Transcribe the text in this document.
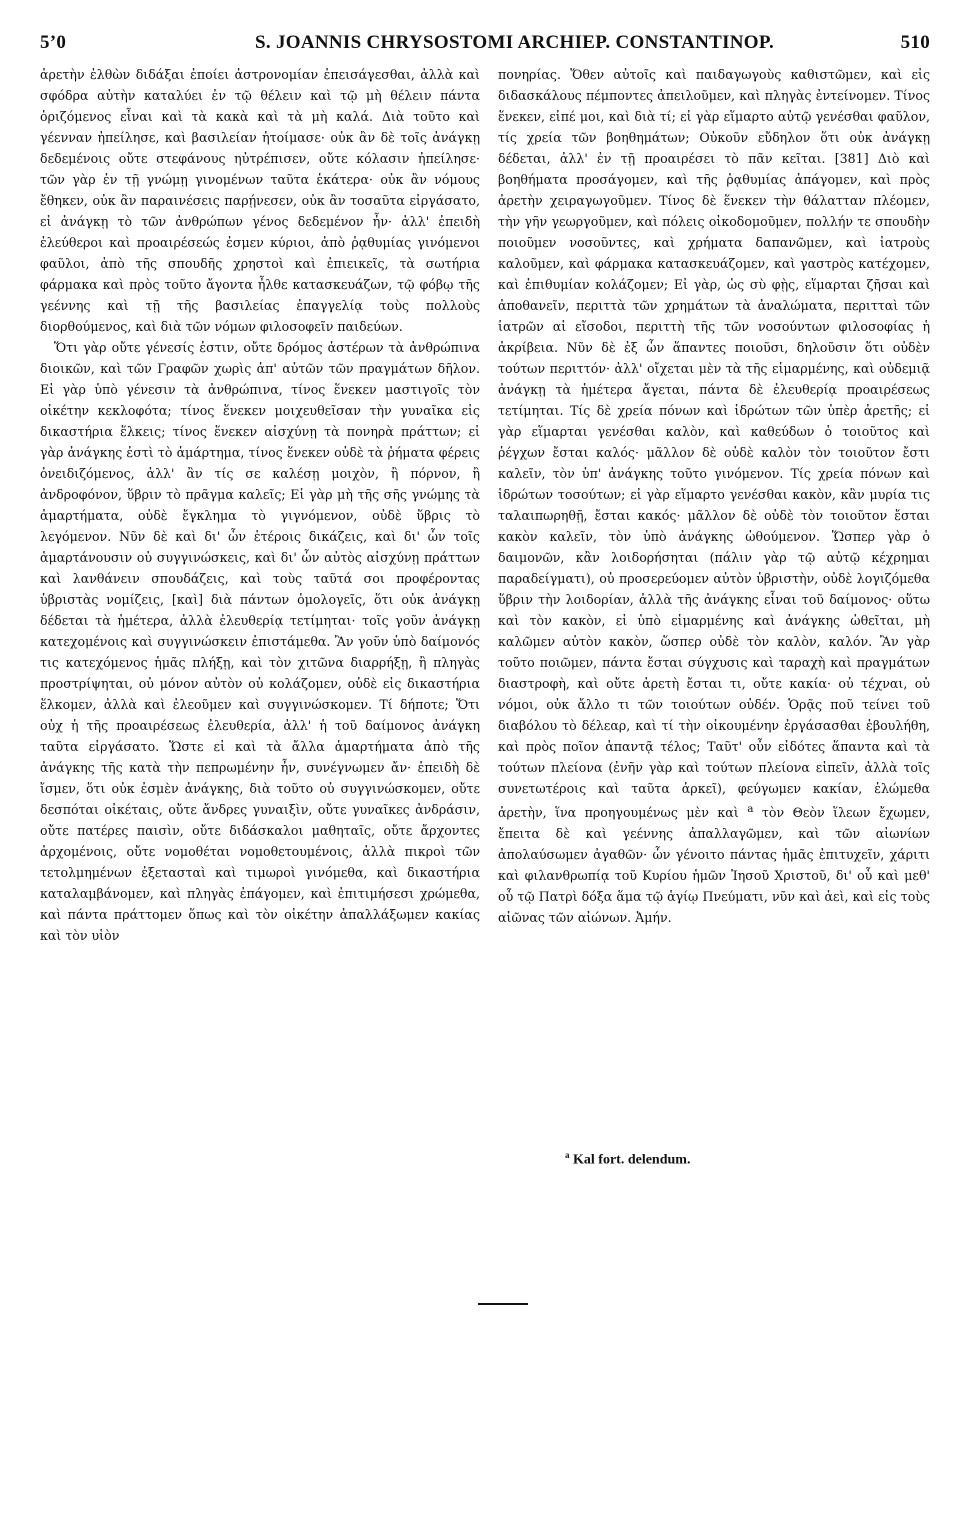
5’0	S. JOANNIS CHRYSOSTOMI ARCHIEP. CONSTANTINOP.	510

ἀρετὴν ἐλθὼν διδάξαι ἐποίει ἀστρονομίαν ἐπεισάγεσθαι, ἀλλὰ καὶ σφόδρα αὐτὴν καταλύει ἐν τῷ θέλειν καὶ τῷ μὴ θέλειν πάντα ὁριζόμενος εἶναι καὶ τὰ κακὰ καὶ τὰ μὴ καλά. Διὰ τοῦτο καὶ γέενναν ἠπείλησε, καὶ βασιλείαν ἡτοίμασε· οὐκ ἂν δὲ τοῖς ἀνάγκῃ δεδεμένοις οὔτε στεφάνους ηὐτρέπισεν, οὔτε κόλασιν ἠπείλησε· τῶν γὰρ ἐν τῇ γνώμῃ γινομένων ταῦτα ἑκάτερα· οὐκ ἂν νόμους ἔθηκεν, οὐκ ἂν παραινέσεις παρῄνεσεν, οὐκ ἂν τοσαῦτα εἰργάσατο, εἰ ἀνάγκῃ τὸ τῶν ἀνθρώπων γένος δεδεμένον ἦν· ἀλλ' ἐπειδὴ ἐλεύθεροι καὶ προαιρέσεώς ἐσμεν κύριοι, ἀπὸ ῥᾳθυμίας γινόμενοι φαῦλοι, ἀπὸ τῆς σπουδῆς χρηστοὶ καὶ ἐπιεικεῖς, τὰ σωτήρια φάρμακα καὶ πρὸς τοῦτο ἄγοντα ἦλθε κατασκευάζων, τῷ φόβῳ τῆς γεέννης καὶ τῇ τῆς βασιλείας ἐπαγγελίᾳ τοὺς πολλοὺς διορθούμενος, καὶ διὰ τῶν νόμων φιλοσοφεῖν παιδεύων.

Ὅτι γὰρ οὔτε γένεσίς ἐστιν, οὔτε δρόμος ἀστέρων τὰ ἀνθρώπινα διοικῶν, καὶ τῶν Γραφῶν χωρὶς ἀπ' αὐτῶν τῶν πραγμάτων δῆλον. Εἰ γὰρ ὑπὸ γένεσιν τὰ ἀνθρώπινα, τίνος ἕνεκεν μαστιγοῖς τὸν οἰκέτην κεκλοφότα; τίνος ἕνεκεν μοιχευθεῖσαν τὴν γυναῖκα εἰς δικαστήρια ἕλκεις; τίνος ἕνεκεν αἰσχύνῃ τὰ πονηρὰ πράττων; εἰ γὰρ ἀνάγκης ἐστὶ τὸ ἁμάρτημα, τίνος ἕνεκεν οὐδὲ τὰ ῥήματα φέρεις ὀνειδιζόμενος, ἀλλ' ἂν τίς σε καλέσῃ μοιχὸν, ἢ πόρνον, ἢ ἀνδροφόνον, ὕβριν τὸ πρᾶγμα καλεῖς; Εἰ γὰρ μὴ τῆς σῆς γνώμης τὰ ἁμαρτήματα, οὐδὲ ἔγκλημα τὸ γιγνόμενον, οὐδὲ ὕβρις τὸ λεγόμενον. Νῦν δὲ καὶ δι' ὧν ἑτέροις δικάζεις, καὶ δι' ὧν τοῖς ἁμαρτάνουσιν οὐ συγγινώσκεις, καὶ δι' ὧν αὐτὸς αἰσχύνῃ πράττων καὶ λανθάνειν σπουδάζεις, καὶ τοὺς ταῦτά σοι προφέροντας ὑβριστὰς νομίζεις, [καὶ] διὰ πάντων ὁμολογεῖς, ὅτι οὐκ ἀνάγκῃ δέδεται τὰ ἡμέτερα, ἀλλὰ ἐλευθερίᾳ τετίμηται· τοῖς γοῦν ἀνάγκῃ κατεχομένοις καὶ συγγινώσκειν ἐπιστάμεθα. Ἂν γοῦν ὑπὸ δαίμονός τις κατεχόμενος ἡμᾶς πλήξῃ, καὶ τὸν χιτῶνα διαρρήξῃ, ἢ πληγὰς προστρίψηται, οὐ μόνον αὐτὸν οὐ κολάζομεν, οὐδὲ εἰς δικαστήρια ἕλκομεν, ἀλλὰ καὶ ἐλεοῦμεν καὶ συγγινώσκομεν. Τί δήποτε; Ὅτι οὐχ ἡ τῆς προαιρέσεως ἐλευθερία, ἀλλ' ἡ τοῦ δαίμονος ἀνάγκη ταῦτα εἰργάσατο. Ὥστε εἰ καὶ τὰ ἄλλα ἁμαρτήματα ἀπὸ τῆς ἀνάγκης τῆς κατὰ τὴν πεπρωμένην ἦν, συνέγνωμεν ἄν· ἐπειδὴ δὲ ἴσμεν, ὅτι οὐκ ἐσμὲν ἀνάγκης, διὰ τοῦτο οὐ συγγινώσκομεν, οὔτε δεσπόται οἰκέταις, οὔτε ἄνδρες γυναιξὶν, οὔτε γυναῖκες ἀνδράσιν, οὔτε πατέρες παισὶν, οὔτε διδάσκαλοι μαθηταῖς, οὔτε ἄρχοντες ἀρχομένοις, οὔτε νομοθέται νομοθετουμένοις, ἀλλὰ πικροὶ τῶν τετολμημένων ἐξετασταὶ καὶ τιμωροὶ γινόμεθα, καὶ δικαστήρια καταλαμβάνομεν, καὶ πληγὰς ἐπάγομεν, καὶ ἐπιτιμήσεσι χρώμεθα, καὶ πάντα πράττομεν ὅπως καὶ τὸν οἰκέτην ἀπαλλάξωμεν κακίας καὶ τὸν υἱὸν

πονηρίας. Ὅθεν αὐτοῖς καὶ παιδαγωγοὺς καθιστῶμεν, καὶ εἰς διδασκάλους πέμποντες ἀπειλοῦμεν, καὶ πληγὰς ἐντείνομεν. Τίνος ἕνεκεν, εἰπέ μοι, καὶ διὰ τί; εἰ γὰρ εἵμαρτο αὐτῷ γενέσθαι φαῦλον, τίς χρεία τῶν βοηθημάτων; Οὐκοῦν εὔδηλον ὅτι οὐκ ἀνάγκῃ δέδεται, ἀλλ' ἐν τῇ προαιρέσει τὸ πᾶν κεῖται. [381] Διὸ καὶ βοηθήματα προσάγομεν, καὶ τῆς ῥᾳθυμίας ἀπάγομεν, καὶ πρὸς ἀρετὴν χειραγωγοῦμεν. Τίνος δὲ ἕνεκεν τὴν θάλατταν πλέομεν, τὴν γῆν γεωργοῦμεν, καὶ πόλεις οἰκοδομοῦμεν, πολλήν τε σπουδὴν ποιοῦμεν νοσοῦντες, καὶ χρήματα δαπανῶμεν, καὶ ἰατροὺς καλοῦμεν, καὶ φάρμακα κατασκευάζομεν, καὶ γαστρὸς κατέχομεν, καὶ ἐπιθυμίαν κολάζομεν; Εἰ γὰρ, ὡς σὺ φῂς, εἵμαρται ζῆσαι καὶ ἀποθανεῖν, περιττὰ τῶν χρημάτων τὰ ἀναλώματα, περιτταὶ τῶν ἰατρῶν αἱ εἴσοδοι, περιττὴ τῆς τῶν νοσούντων φιλοσοφίας ἡ ἀκρίβεια. Νῦν δὲ ἐξ ὧν ἅπαντες ποιοῦσι, δηλοῦσιν ὅτι οὐδὲν τούτων περιττόν· ἀλλ' οἴχεται μὲν τὰ τῆς εἱμαρμένης, καὶ οὐδεμιᾷ ἀνάγκῃ τὰ ἡμέτερα ἄγεται, πάντα δὲ ἐλευθερίᾳ προαιρέσεως τετίμηται. Τίς δὲ χρεία πόνων καὶ ἱδρώτων τῶν ὑπὲρ ἀρετῆς; εἰ γὰρ εἵμαρται γενέσθαι καλὸν, καὶ καθεύδων ὁ τοιοῦτος καὶ ῥέγχων ἔσται καλός· μᾶλλον δὲ οὐδὲ καλὸν τὸν τοιοῦτον ἔστι καλεῖν, τὸν ὑπ' ἀνάγκης τοῦτο γινόμενον. Τίς χρεία πόνων καὶ ἱδρώτων τοσούτων; εἰ γὰρ εἵμαρτο γενέσθαι κακὸν, κἂν μυρία τις ταλαιπωρηθῇ, ἔσται κακός· μᾶλλον δὲ οὐδὲ τὸν τοιοῦτον ἔσται κακὸν καλεῖν, τὸν ὑπὸ ἀνάγκης ὠθούμενον. Ὥσπερ γὰρ ὁ δαιμονῶν, κἂν λοιδορήσηται (πάλιν γὰρ τῷ αὐτῷ κέχρημαι παραδείγματι), οὐ προσερεύομεν αὐτὸν ὑβριστὴν, οὐδὲ λογιζόμεθα ὕβριν τὴν λοιδορίαν, ἀλλὰ τῆς ἀνάγκης εἶναι τοῦ δαίμονος· οὕτω καὶ τὸν κακὸν, εἰ ὑπὸ εἱμαρμένης καὶ ἀνάγκης ὠθεῖται, μὴ καλῶμεν αὐτὸν κακὸν, ὥσπερ οὐδὲ τὸν καλὸν, καλόν. Ἂν γὰρ τοῦτο ποιῶμεν, πάντα ἔσται σύγχυσις καὶ ταραχὴ καὶ πραγμάτων διαστροφὴ, καὶ οὔτε ἀρετὴ ἔσται τι, οὔτε κακία· οὐ τέχναι, οὐ νόμοι, οὐκ ἄλλο τι τῶν τοιούτων οὐδέν. Ὁρᾷς ποῦ τείνει τοῦ διαβόλου τὸ δέλεαρ, καὶ τί τὴν οἰκουμένην ἐργάσασθαι ἐβουλήθη, καὶ πρὸς ποῖον ἀπαντᾷ τέλος; Ταῦτ' οὖν εἰδότες ἅπαντα καὶ τὰ τούτων πλείονα (ἐνῆν γὰρ καὶ τούτων πλείονα εἰπεῖν, ἀλλὰ τοῖς συνετωτέροις καὶ ταῦτα ἀρκεῖ), φεύγωμεν κακίαν, ἑλώμεθα ἀρετὴν, ἵνα προηγουμένως μὲν καὶ $^a$ τὸν Θεὸν ἵλεων ἔχωμεν, ἔπειτα δὲ καὶ γεέννης ἀπαλλαγῶμεν, καὶ τῶν αἰωνίων ἀπολαύσωμεν ἀγαθῶν· ὧν γένοιτο πάντας ἡμᾶς ἐπιτυχεῖν, χάριτι καὶ φιλανθρωπίᾳ τοῦ Κυρίου ἡμῶν Ἰησοῦ Χριστοῦ, δι' οὗ καὶ μεθ' οὗ τῷ Πατρὶ δόξα ἅμα τῷ ἁγίῳ Πνεύματι, νῦν καὶ ἀεὶ, καὶ εἰς τοὺς αἰῶνας τῶν αἰώνων. Ἀμήν.

$^a$ Kal fort. delendum.
